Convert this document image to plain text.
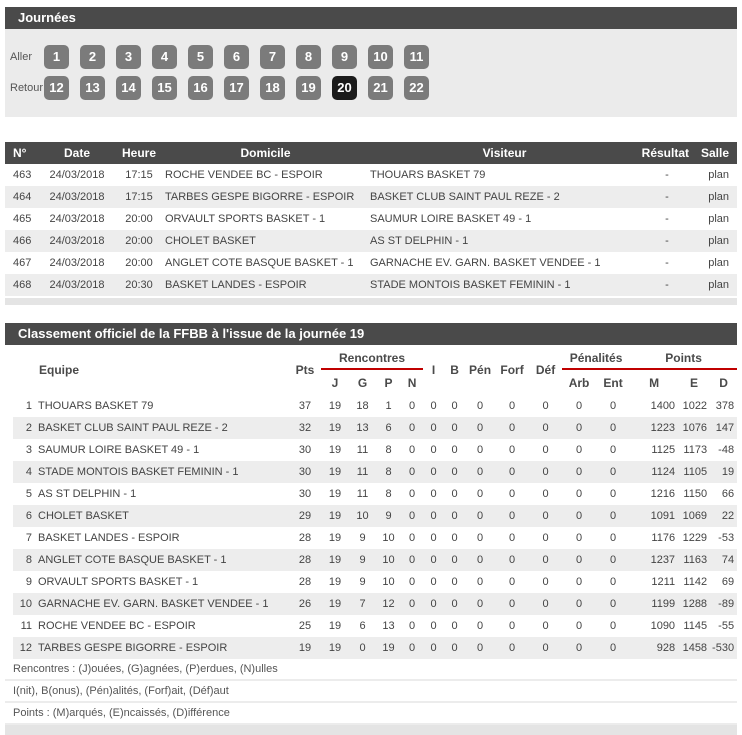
Journées
Aller	1	2	3	4	5	6	7	8	9	10	11
Retour 12	13	14	15	16	17	18	19	20	21	22
N°	Date	Heure	Domicile	Visiteur	Résultat	Salle
463	24/03/2018	17:15	ROCHE VENDEE BC - ESPOIR	THOUARS BASKET 79	-	plan
464	24/03/2018	17:15	TARBES GESPE BIGORRE - ESPOIR	BASKET CLUB SAINT PAUL REZE - 2	-	plan
465	24/03/2018	20:00	ORVAULT SPORTS BASKET - 1	SAUMUR LOIRE BASKET 49 - 1	-	plan
466	24/03/2018	20:00	CHOLET BASKET	AS ST DELPHIN - 1	-	plan
467	24/03/2018	20:00	ANGLET COTE BASQUE BASKET - 1	GARNACHE EV. GARN. BASKET VENDEE - 1	-	plan
468	24/03/2018	20:30	BASKET LANDES - ESPOIR	STADE MONTOIS BASKET FEMININ - 1	-	plan
Classement officiel de la FFBB à l'issue de la journée 19
Equipe		Pts	Rencontres				I	B	Pén	Forf	Déf	Pénalités		Points		
			J	G	P	N						Arb	Ent	M	E	D
1	THOUARS BASKET 79	37	19	18	1	0	0	0	0	0	0	0	0	1400	1022	378
2	BASKET CLUB SAINT PAUL REZE - 2	32	19	13	6	0	0	0	0	0	0	0	0	1223	1076	147
3	SAUMUR LOIRE BASKET 49 - 1	30	19	11	8	0	0	0	0	0	0	0	0	1125	1173	-48
4	STADE MONTOIS BASKET FEMININ - 1	30	19	11	8	0	0	0	0	0	0	0	0	1124	1105	19
5	AS ST DELPHIN - 1	30	19	11	8	0	0	0	0	0	0	0	0	1216	1150	66
6	CHOLET BASKET	29	19	10	9	0	0	0	0	0	0	0	0	1091	1069	22
7	BASKET LANDES - ESPOIR	28	19	9	10	0	0	0	0	0	0	0	0	1176	1229	-53
8	ANGLET COTE BASQUE BASKET - 1	28	19	9	10	0	0	0	0	0	0	0	0	1237	1163	74
9	ORVAULT SPORTS BASKET - 1	28	19	9	10	0	0	0	0	0	0	0	0	1211	1142	69
10	GARNACHE EV. GARN. BASKET VENDEE - 1	26	19	7	12	0	0	0	0	0	0	0	0	1199	1288	-89
11	ROCHE VENDEE BC - ESPOIR	25	19	6	13	0	0	0	0	0	0	0	0	1090	1145	-55
12	TARBES GESPE BIGORRE - ESPOIR	19	19	0	19	0	0	0	0	0	0	0	0	928	1458	-530
Rencontres : (J)ouées, (G)agnées, (P)erdues, (N)ulles
I(nit), B(onus), (Pén)alités, (Forf)ait, (Déf)aut
Points : (M)arqués, (E)ncaissés, (D)ifférence
